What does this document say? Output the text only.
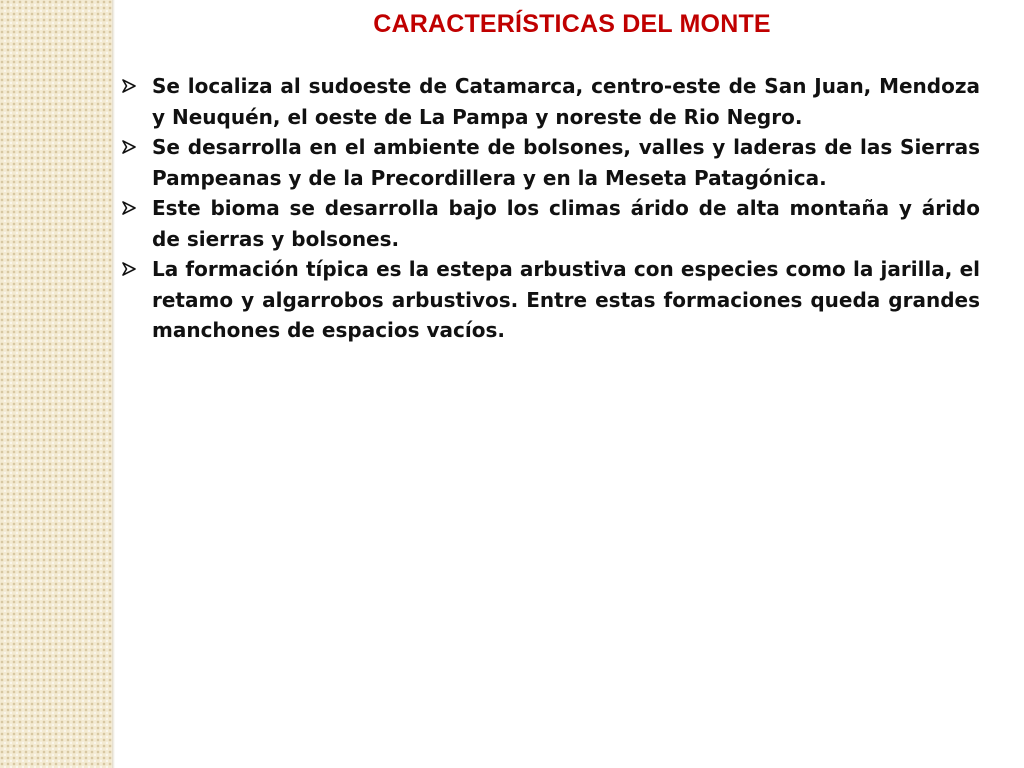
CARACTERÍSTICAS DEL MONTE
Se localiza al sudoeste de Catamarca, centro-este de San Juan, Mendoza y Neuquén, el oeste de La Pampa y noreste de Rio Negro.
Se desarrolla en el ambiente de bolsones, valles y laderas de las Sierras Pampeanas y de la Precordillera y en la Meseta Patagónica.
Este bioma se desarrolla bajo los climas árido de alta montaña y árido de sierras y bolsones.
La formación típica es la estepa arbustiva con especies como la jarilla, el retamo y algarrobos arbustivos. Entre estas formaciones queda grandes manchones de espacios vacíos.
